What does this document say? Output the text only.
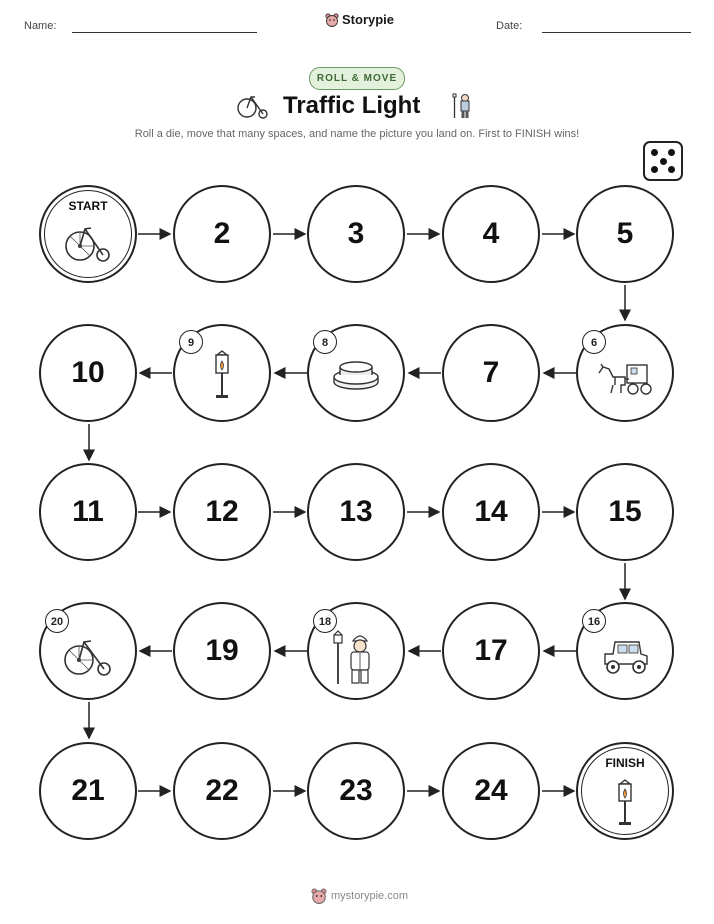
Name:	Storypie	Date:
ROLL & MOVE
Traffic Light
Roll a die, move that many spaces, and name the picture you land on. First to FINISH wins!
START
2	3	4	5
10	7
11	12	13	14	15
19	17
21	22	23	24
FINISH
6
8
9
16
18
20
mystorypie.com
